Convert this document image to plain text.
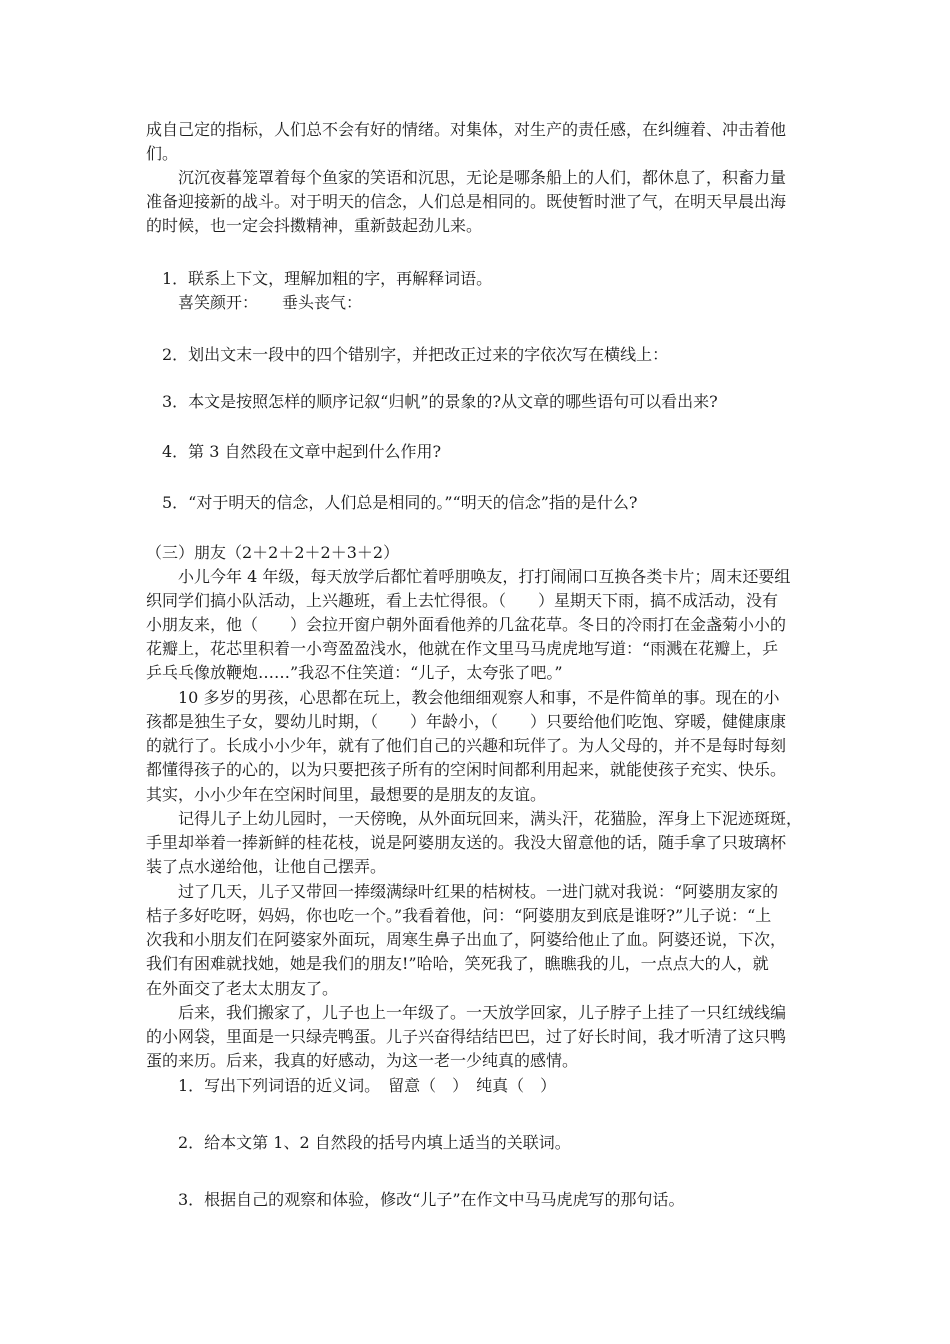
成自己定的指标，人们总不会有好的情绪。对集体，对生产的责任感，在纠缠着、冲击着他
们。
　　沉沉夜暮笼罩着每个鱼家的笑语和沉思，无论是哪条船上的人们，都休息了，积畜力量
准备迎接新的战斗。对于明天的信念，人们总是相同的。既使暂时泄了气，在明天早晨出海
的时候，也一定会抖擞精神，重新鼓起劲儿来。
　1．联系上下文，理解加粗的字，再解释词语。
　　喜笑颜开：　　垂头丧气：
　2．划出文末一段中的四个错别字，并把改正过来的字依次写在横线上：
　3．本文是按照怎样的顺序记叙“归帆”的景象的?从文章的哪些语句可以看出来?
　4．第 3 自然段在文章中起到什么作用?
　5．“对于明天的信念，人们总是相同的。”“明天的信念”指的是什么?
（三）朋友（2＋2＋2＋2＋3＋2）
　　小儿今年 4 年级，每天放学后都忙着呼朋唤友，打打闹闹口互换各类卡片；周末还要组
织同学们搞小队活动，上兴趣班，看上去忙得很。（　　）星期天下雨，搞不成活动，没有
小朋友来，他（　　）会拉开窗户朝外面看他养的几盆花草。冬日的冷雨打在金盏菊小小的
花瓣上，花芯里积着一小弯盈盈浅水，他就在作文里马马虎虎地写道：“雨溅在花瓣上，乒
乒乓乓像放鞭炮……”我忍不住笑道：“儿子，太夸张了吧。”
　　10 多岁的男孩，心思都在玩上，教会他细细观察人和事，不是件简单的事。现在的小
孩都是独生子女，婴幼儿时期，（　　）年龄小，（　　）只要给他们吃饱、穿暖，健健康康
的就行了。长成小小少年，就有了他们自己的兴趣和玩伴了。为人父母的，并不是每时每刻
都懂得孩子的心的，以为只要把孩子所有的空闲时间都利用起来，就能使孩子充实、快乐。
其实，小小少年在空闲时间里，最想要的是朋友的友谊。
　　记得儿子上幼儿园时，一天傍晚，从外面玩回来，满头汗，花猫脸，浑身上下泥迹斑斑，
手里却举着一捧新鲜的桂花枝，说是阿婆朋友送的。我没大留意他的话，随手拿了只玻璃杯
装了点水递给他，让他自己摆弄。
　　过了几天，儿子又带回一捧缀满绿叶红果的桔树枝。一进门就对我说：“阿婆朋友家的
桔子多好吃呀，妈妈，你也吃一个。”我看着他，问：“阿婆朋友到底是谁呀?”儿子说：“上
次我和小朋友们在阿婆家外面玩，周寒生鼻子出血了，阿婆给他止了血。阿婆还说，下次，
我们有困难就找她，她是我们的朋友!”哈哈，笑死我了，瞧瞧我的儿，一点点大的人，就
在外面交了老太太朋友了。
　　后来，我们搬家了，儿子也上一年级了。一天放学回家，儿子脖子上挂了一只红绒线编
的小网袋，里面是一只绿壳鸭蛋。儿子兴奋得结结巴巴，过了好长时间，我才听清了这只鸭
蛋的来历。后来，我真的好感动，为这一老一少纯真的感情。
　　1．写出下列词语的近义词。　留意（　）　纯真（　）
　　2．给本文第 1、2 自然段的括号内填上适当的关联词。
　　3．根据自己的观察和体验，修改“儿子”在作文中马马虎虎写的那句话。
